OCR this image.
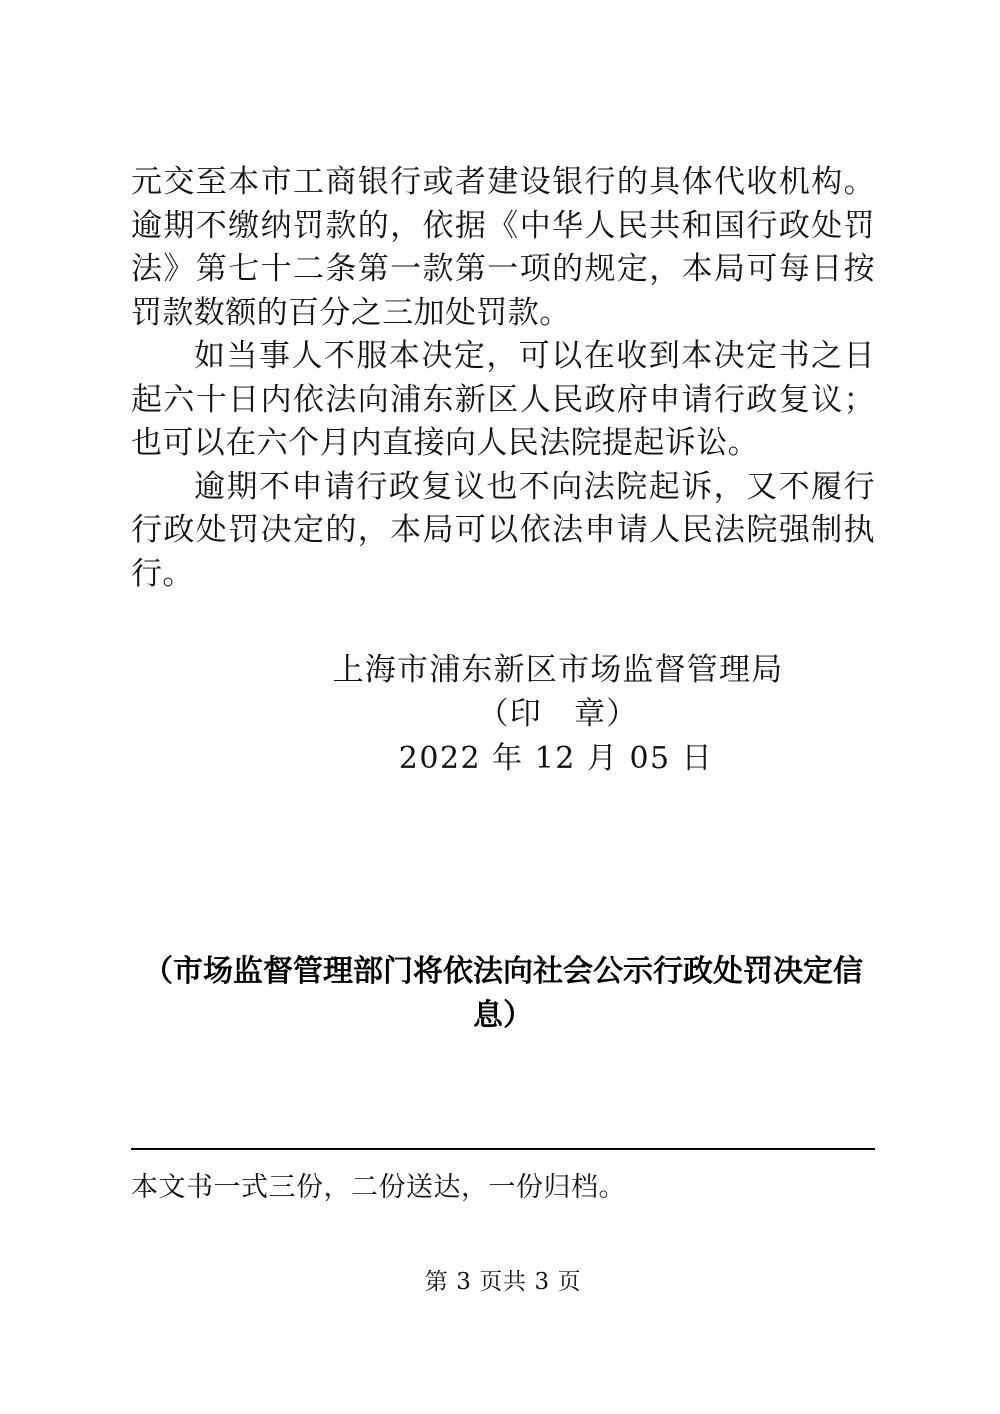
元交至本市工商银行或者建设银行的具体代收机构。逾期不缴纳罚款的，依据《中华人民共和国行政处罚法》第七十二条第一款第一项的规定，本局可每日按罚款数额的百分之三加处罚款。

如当事人不服本决定，可以在收到本决定书之日起六十日内依法向浦东新区人民政府申请行政复议；也可以在六个月内直接向人民法院提起诉讼。

逾期不申请行政复议也不向法院起诉，又不履行行政处罚决定的，本局可以依法申请人民法院强制执行。

上海市浦东新区市场监督管理局
（印　章）
2022 年 12 月 05 日
（市场监督管理部门将依法向社会公示行政处罚决定信息）
本文书一式三份，二份送达，一份归档。
第 3 页共 3 页
